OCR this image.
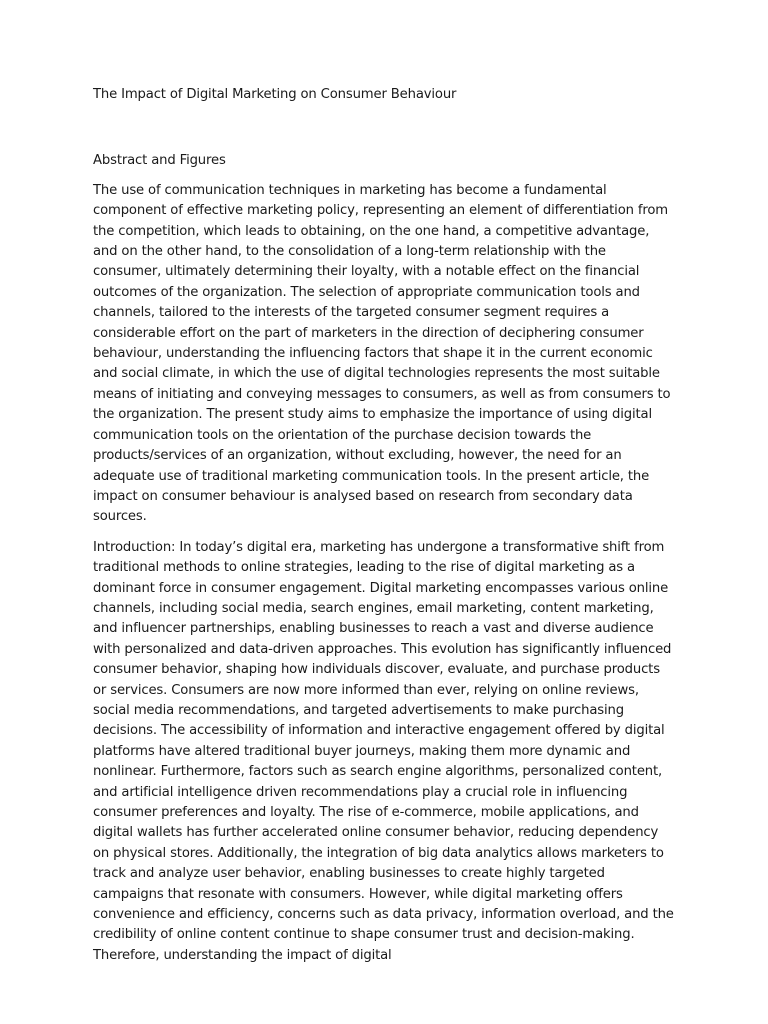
The Impact of Digital Marketing on Consumer Behaviour
Abstract and Figures

The use of communication techniques in marketing has become a fundamental component of effective marketing policy, representing an element of differentiation from the competition, which leads to obtaining, on the one hand, a competitive advantage, and on the other hand, to the consolidation of a long-term relationship with the consumer, ultimately determining their loyalty, with a notable effect on the financial outcomes of the organization. The selection of appropriate communication tools and channels, tailored to the interests of the targeted consumer segment requires a considerable effort on the part of marketers in the direction of deciphering consumer behaviour, understanding the influencing factors that shape it in the current economic and social climate, in which the use of digital technologies represents the most suitable means of initiating and conveying messages to consumers, as well as from consumers to the organization. The present study aims to emphasize the importance of using digital communication tools on the orientation of the purchase decision towards the products/services of an organization, without excluding, however, the need for an adequate use of traditional marketing communication tools. In the present article, the impact on consumer behaviour is analysed based on research from secondary data sources.

Introduction: In today’s digital era, marketing has undergone a transformative shift from traditional methods to online strategies, leading to the rise of digital marketing as a dominant force in consumer engagement. Digital marketing encompasses various online channels, including social media, search engines, email marketing, content marketing, and influencer partnerships, enabling businesses to reach a vast and diverse audience with personalized and data-driven approaches. This evolution has significantly influenced consumer behavior, shaping how individuals discover, evaluate, and purchase products or services. Consumers are now more informed than ever, relying on online reviews, social media recommendations, and targeted advertisements to make purchasing decisions. The accessibility of information and interactive engagement offered by digital platforms have altered traditional buyer journeys, making them more dynamic and nonlinear. Furthermore, factors such as search engine algorithms, personalized content, and artificial intelligence driven recommendations play a crucial role in influencing consumer preferences and loyalty. The rise of e-commerce, mobile applications, and digital wallets has further accelerated online consumer behavior, reducing dependency on physical stores. Additionally, the integration of big data analytics allows marketers to track and analyze user behavior, enabling businesses to create highly targeted campaigns that resonate with consumers. However, while digital marketing offers convenience and efficiency, concerns such as data privacy, information overload, and the credibility of online content continue to shape consumer trust and decision-making. Therefore, understanding the impact of digital
